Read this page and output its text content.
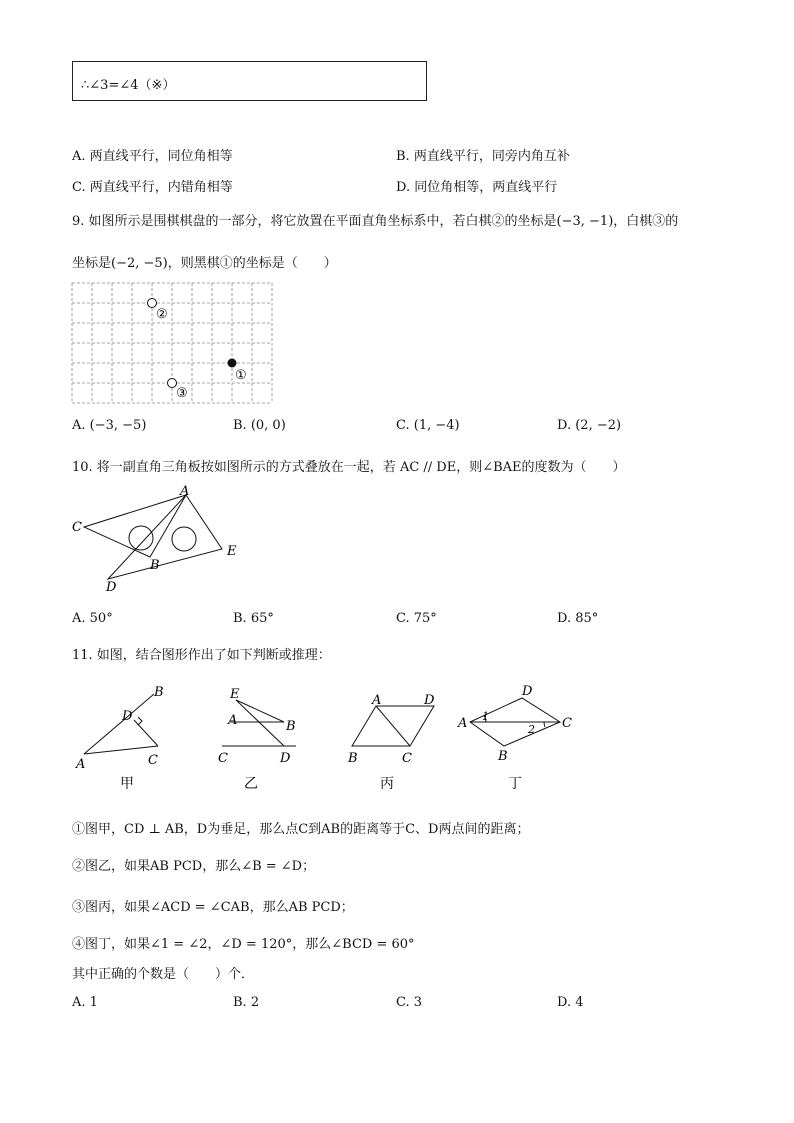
∴∠3=∠4（※）
A. 两直线平行，同位角相等	B. 两直线平行，同旁内角互补
C. 两直线平行，内错角相等	D. 同位角相等，两直线平行
9. 如图所示是围棋棋盘的一部分，将它放置在平面直角坐标系中，若白棋②的坐标是(−3, −1)，白棋③的
坐标是(−2, −5)，则黑棋①的坐标是（　　）
②
①
③
A. (−3, −5)	B. (0, 0)	C. (1, −4)	D. (2, −2)
10. 将一副直角三角板按如图所示的方式叠放在一起，若 AC // DE，则∠BAE的度数为（　　）
A
C
B
E
D
A. 50°	B. 65°	C. 75°	D. 85°
11. 如图，结合图形作出了如下判断或推理：
B
D
A	C
甲
E
A	B
C	D
乙
A	D
B	C
丙
D
A	C
B
1
2
丁
①图甲，CD ⊥ AB，D为垂足，那么点C到AB的距离等于C、D两点间的距离；
②图乙，如果AB PCD，那么∠B = ∠D；
③图丙，如果∠ACD = ∠CAB，那么AB PCD；
④图丁，如果∠1 = ∠2，∠D = 120°，那么∠BCD = 60°
其中正确的个数是（　　）个．
A. 1	B. 2	C. 3	D. 4
